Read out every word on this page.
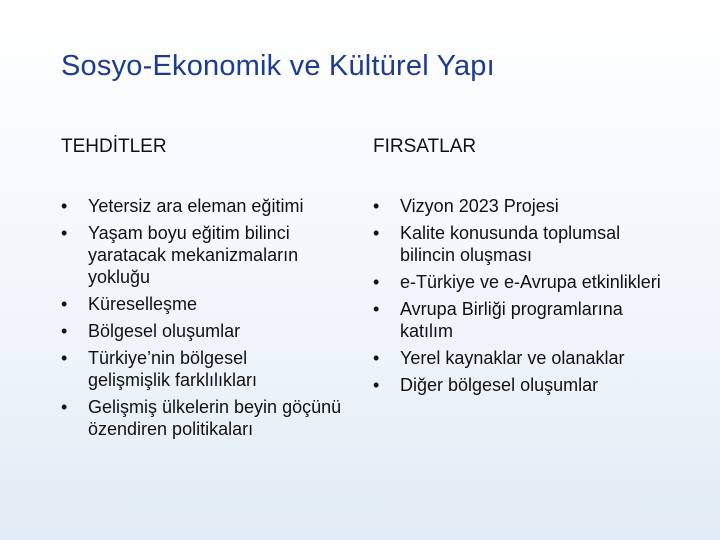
Sosyo-Ekonomik ve Kültürel Yapı
TEHDİTLER
• Yetersiz ara eleman eğitimi
• Yaşam boyu eğitim bilinci yaratacak mekanizmaların yokluğu
• Küreselleşme
• Bölgesel oluşumlar
• Türkiye’nin bölgesel gelişmişlik farklılıkları
• Gelişmiş ülkelerin beyin göçünü özendiren politikaları
FIRSATLAR
• Vizyon 2023 Projesi
• Kalite konusunda toplumsal bilincin oluşması
• e-Türkiye ve e-Avrupa etkinlikleri
• Avrupa Birliği programlarına katılım
• Yerel kaynaklar ve olanaklar
• Diğer bölgesel oluşumlar
